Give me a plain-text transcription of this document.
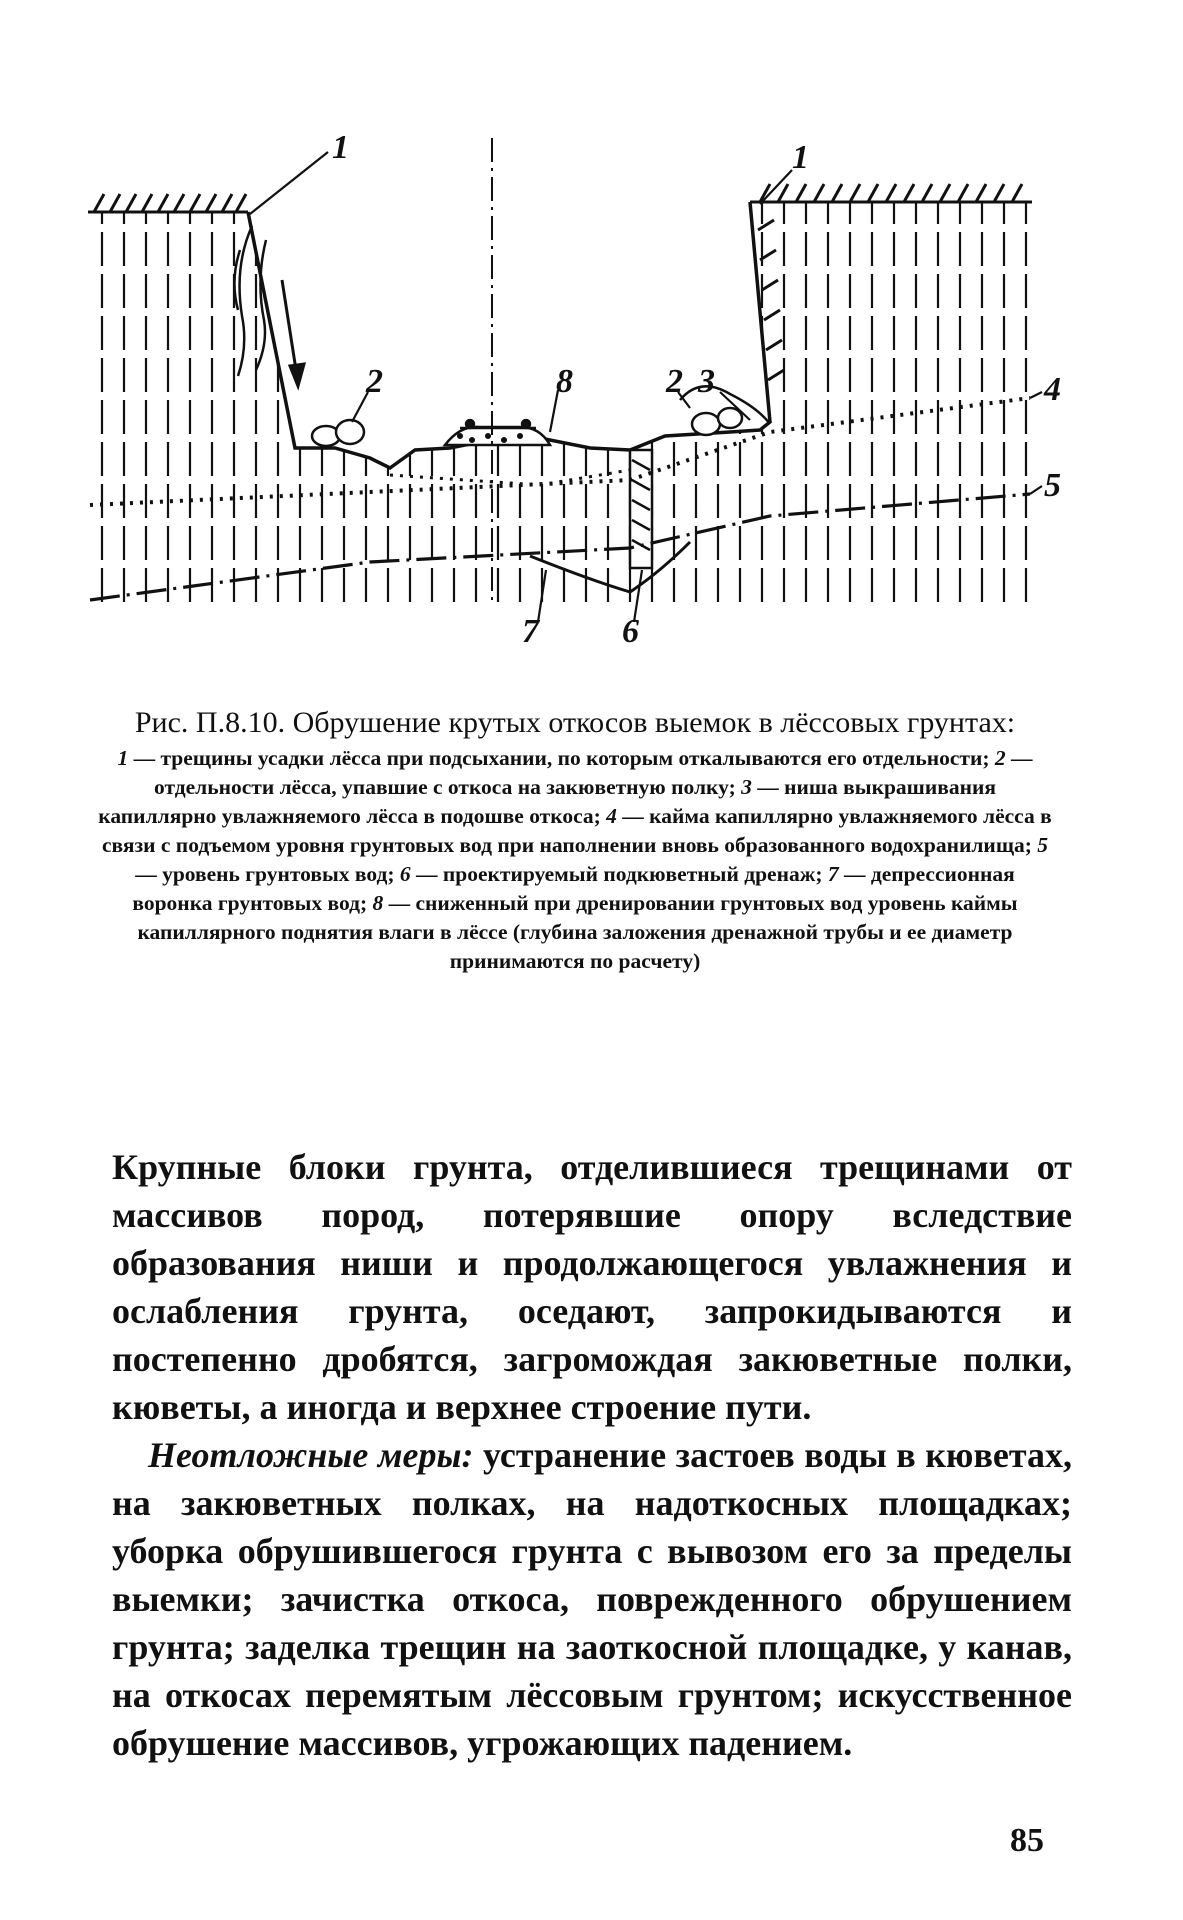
1	1
2	8	2 3	4
5
7 6

Рис. П.8.10. Обрушение крутых откосов выемок в лёссовых грунтах:

1 — трещины усадки лёсса при подсыхании, по которым откалываются его отдельности; 2 — отдельности лёсса, упавшие с откоса на закюветную полку; 3 — ниша выкрашивания капиллярно увлажняемого лёсса в подошве откоса; 4 — кайма капиллярно увлажняемого лёсса в связи с подъемом уровня грунтовых вод при наполнении вновь образованного водохранилища; 5 — уровень грунтовых вод; 6 — проектируемый подкюветный дренаж; 7 — депрессионная воронка грунтовых вод; 8 — сниженный при дренировании грунтовых вод уровень каймы капиллярного поднятия влаги в лёссе (глубина заложения дренажной трубы и ее диаметр принимаются по расчету)

Крупные блоки грунта, отделившиеся трещинами от массивов пород, потерявшие опору вследствие образования ниши и продолжающегося увлажнения и ослабления грунта, оседают, запрокидываются и постепенно дробятся, загромождая закюветные полки, кюветы, а иногда и верхнее строение пути.

Неотложные меры: устранение застоев воды в кюветах, на закюветных полках, на надоткосных площадках; уборка обрушившегося грунта с вывозом его за пределы выемки; зачистка откоса, поврежденного обрушением грунта; заделка трещин на заоткосной площадке, у канав, на откосах перемятым лёссовым грунтом; искусственное обрушение массивов, угрожающих падением.

85
